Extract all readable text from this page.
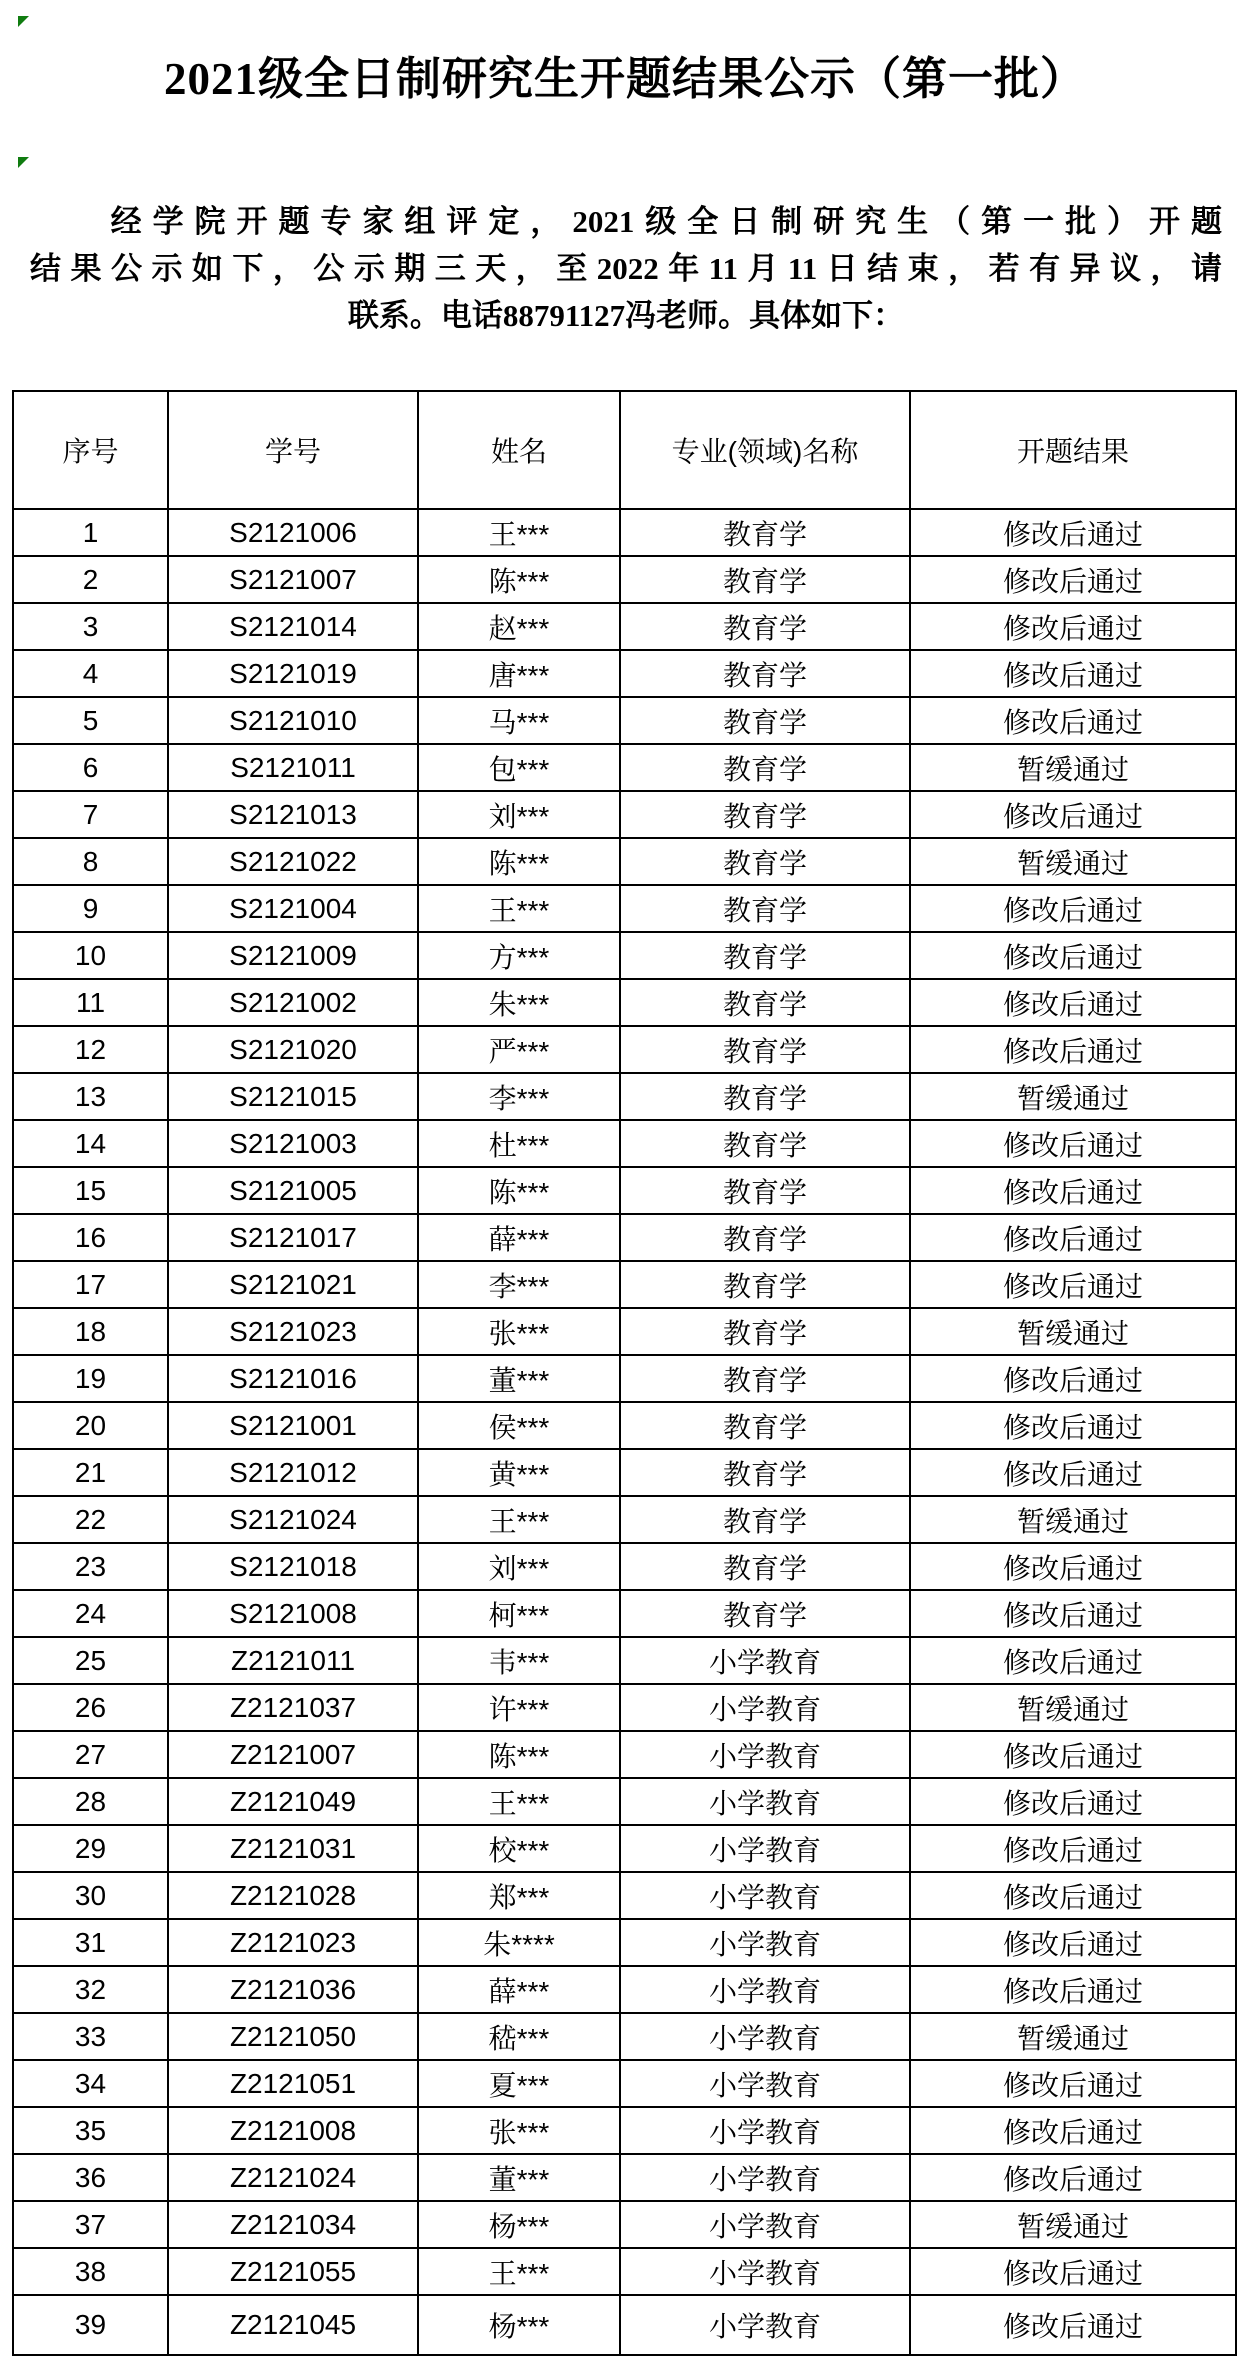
2021级全日制研究生开题结果公示（第一批）
经学院开题专家组评定，2021级全日制研究生（第一批）开题
结果公示如下，公示期三天，至2022年11月11日结束，若有异议，请
联系。电话88791127冯老师。具体如下：
序号	学号	姓名	专业(领域)名称	开题结果
1	S2121006	王***	教育学	修改后通过
2	S2121007	陈***	教育学	修改后通过
3	S2121014	赵***	教育学	修改后通过
4	S2121019	唐***	教育学	修改后通过
5	S2121010	马***	教育学	修改后通过
6	S2121011	包***	教育学	暂缓通过
7	S2121013	刘***	教育学	修改后通过
8	S2121022	陈***	教育学	暂缓通过
9	S2121004	王***	教育学	修改后通过
10	S2121009	方***	教育学	修改后通过
11	S2121002	朱***	教育学	修改后通过
12	S2121020	严***	教育学	修改后通过
13	S2121015	李***	教育学	暂缓通过
14	S2121003	杜***	教育学	修改后通过
15	S2121005	陈***	教育学	修改后通过
16	S2121017	薛***	教育学	修改后通过
17	S2121021	李***	教育学	修改后通过
18	S2121023	张***	教育学	暂缓通过
19	S2121016	董***	教育学	修改后通过
20	S2121001	侯***	教育学	修改后通过
21	S2121012	黄***	教育学	修改后通过
22	S2121024	王***	教育学	暂缓通过
23	S2121018	刘***	教育学	修改后通过
24	S2121008	柯***	教育学	修改后通过
25	Z2121011	韦***	小学教育	修改后通过
26	Z2121037	许***	小学教育	暂缓通过
27	Z2121007	陈***	小学教育	修改后通过
28	Z2121049	王***	小学教育	修改后通过
29	Z2121031	校***	小学教育	修改后通过
30	Z2121028	郑***	小学教育	修改后通过
31	Z2121023	朱****	小学教育	修改后通过
32	Z2121036	薛***	小学教育	修改后通过
33	Z2121050	嵇***	小学教育	暂缓通过
34	Z2121051	夏***	小学教育	修改后通过
35	Z2121008	张***	小学教育	修改后通过
36	Z2121024	董***	小学教育	修改后通过
37	Z2121034	杨***	小学教育	暂缓通过
38	Z2121055	王***	小学教育	修改后通过
39	Z2121045	杨***	小学教育	修改后通过
